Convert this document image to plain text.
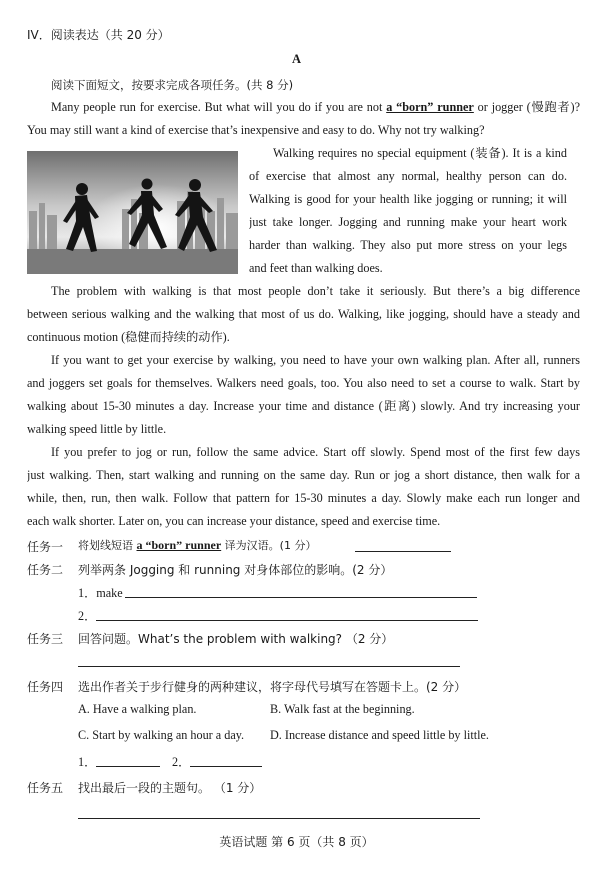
IV．阅读表达（共 20 分）
A
阅读下面短文，按要求完成各项任务。(共 8 分)
Many people run for exercise. But what will you do if you are not a “born” runner or jogger (慢跑者)?
You may still want a kind of exercise that’s inexpensive and easy to do. Why not try walking?
Walking requires no special equipment (装备). It is a kind
of exercise that almost any normal, healthy person can do.
Walking is good for your health like jogging or running; it will
just take longer. Jogging and running make your heart work
harder than walking. They also put more stress on your legs
and feet than walking does.
The problem with walking is that most people don’t take it seriously. But there’s a big difference
between serious walking and the walking that most of us do. Walking, like jogging, should have a steady and
continuous motion (稳健而持续的动作).
If you want to get your exercise by walking, you need to have your own walking plan. After all, runners
and joggers set goals for themselves. Walkers need goals, too. You also need to set a course to walk. Start by
walking about 15-30 minutes a day. Increase your time and distance (距离) slowly. And try increasing your
walking speed little by little.
If you prefer to jog or run, follow the same advice. Start off slowly. Spend most of the first few days
just walking. Then, start walking and running on the same day. Run or jog a short distance, then walk for a
while, then, run, then walk. Follow that pattern for 15-30 minutes a day. Slowly make each run longer and
each walk shorter. Later on, you can increase your distance, speed and exercise time.
任务一 将划线短语 a “born” runner 译为汉语。(1 分）
任务二 列举两条 Jogging 和 running 对身体部位的影响。(2 分）
1．make
2．
任务三 回答问题。What’s the problem with walking? （2 分）
任务四 选出作者关于步行健身的两种建议，将字母代号填写在答题卡上。(2 分）
A. Have a walking plan.	B. Walk fast at the beginning.
C. Start by walking an hour a day. D. Increase distance and speed little by little.
1．	2．
任务五 找出最后一段的主题句。 （1 分）
英语试题 第 6 页（共 8 页）
